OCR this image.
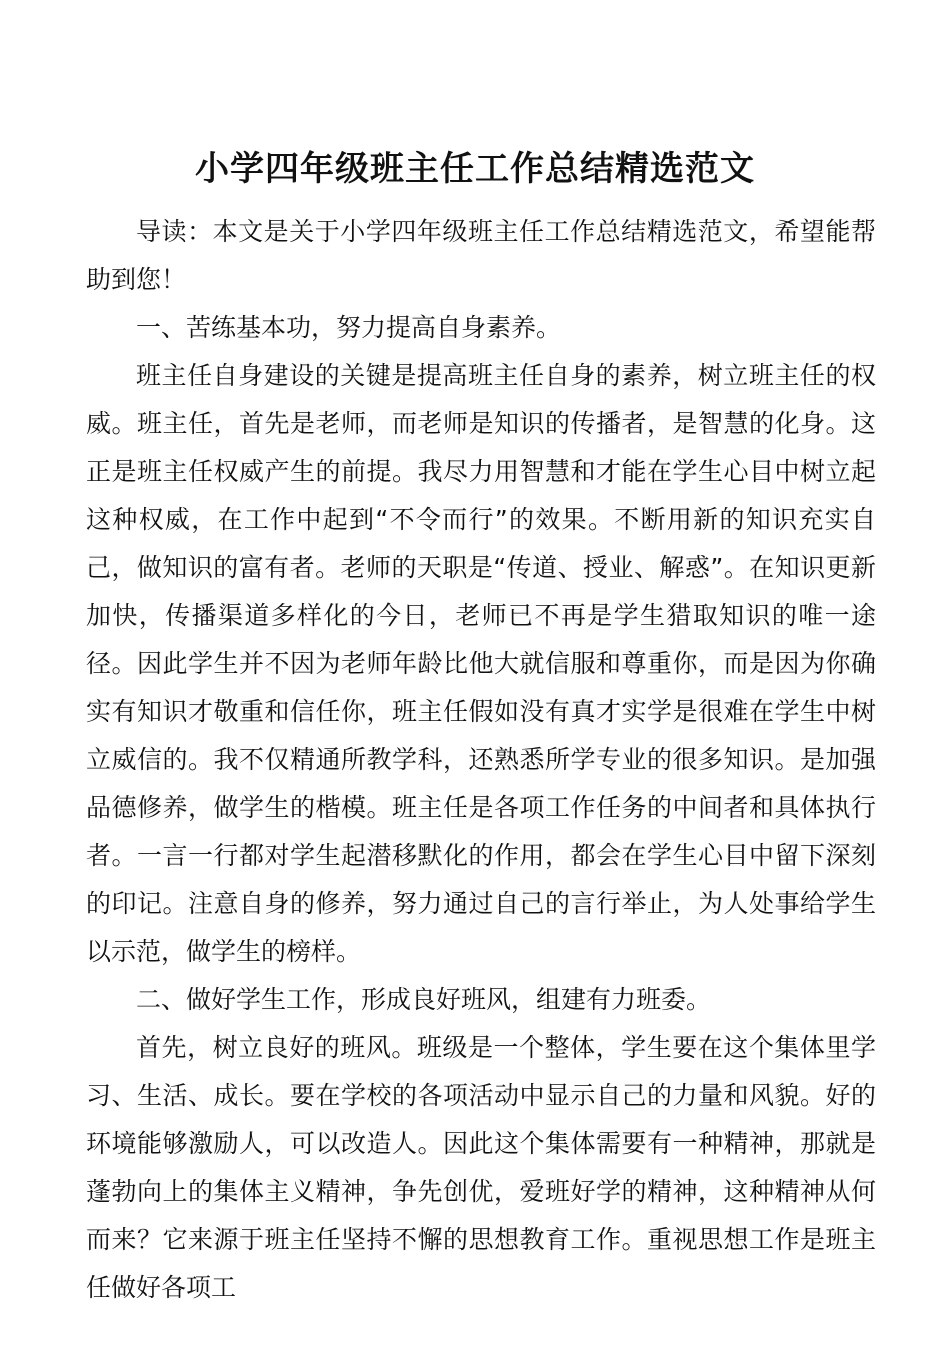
小学四年级班主任工作总结精选范文

导读：本文是关于小学四年级班主任工作总结精选范文，希望能帮助到您！

一、苦练基本功，努力提高自身素养。

班主任自身建设的关键是提高班主任自身的素养，树立班主任的权威。班主任，首先是老师，而老师是知识的传播者，是智慧的化身。这正是班主任权威产生的前提。我尽力用智慧和才能在学生心目中树立起这种权威，在工作中起到“不令而行”的效果。不断用新的知识充实自己，做知识的富有者。老师的天职是“传道、授业、解惑”。在知识更新加快，传播渠道多样化的今日，老师已不再是学生猎取知识的唯一途径。因此学生并不因为老师年龄比他大就信服和尊重你，而是因为你确实有知识才敬重和信任你，班主任假如没有真才实学是很难在学生中树立威信的。我不仅精通所教学科，还熟悉所学专业的很多知识。是加强品德修养，做学生的楷模。班主任是各项工作任务的中间者和具体执行者。一言一行都对学生起潜移默化的作用，都会在学生心目中留下深刻的印记。注意自身的修养，努力通过自己的言行举止，为人处事给学生以示范，做学生的榜样。

二、做好学生工作，形成良好班风，组建有力班委。

首先，树立良好的班风。班级是一个整体，学生要在这个集体里学习、生活、成长。要在学校的各项活动中显示自己的力量和风貌。好的环境能够激励人，可以改造人。因此这个集体需要有一种精神，那就是蓬勃向上的集体主义精神，争先创优，爱班好学的精神，这种精神从何而来？它来源于班主任坚持不懈的思想教育工作。重视思想工作是班主任做好各项工
